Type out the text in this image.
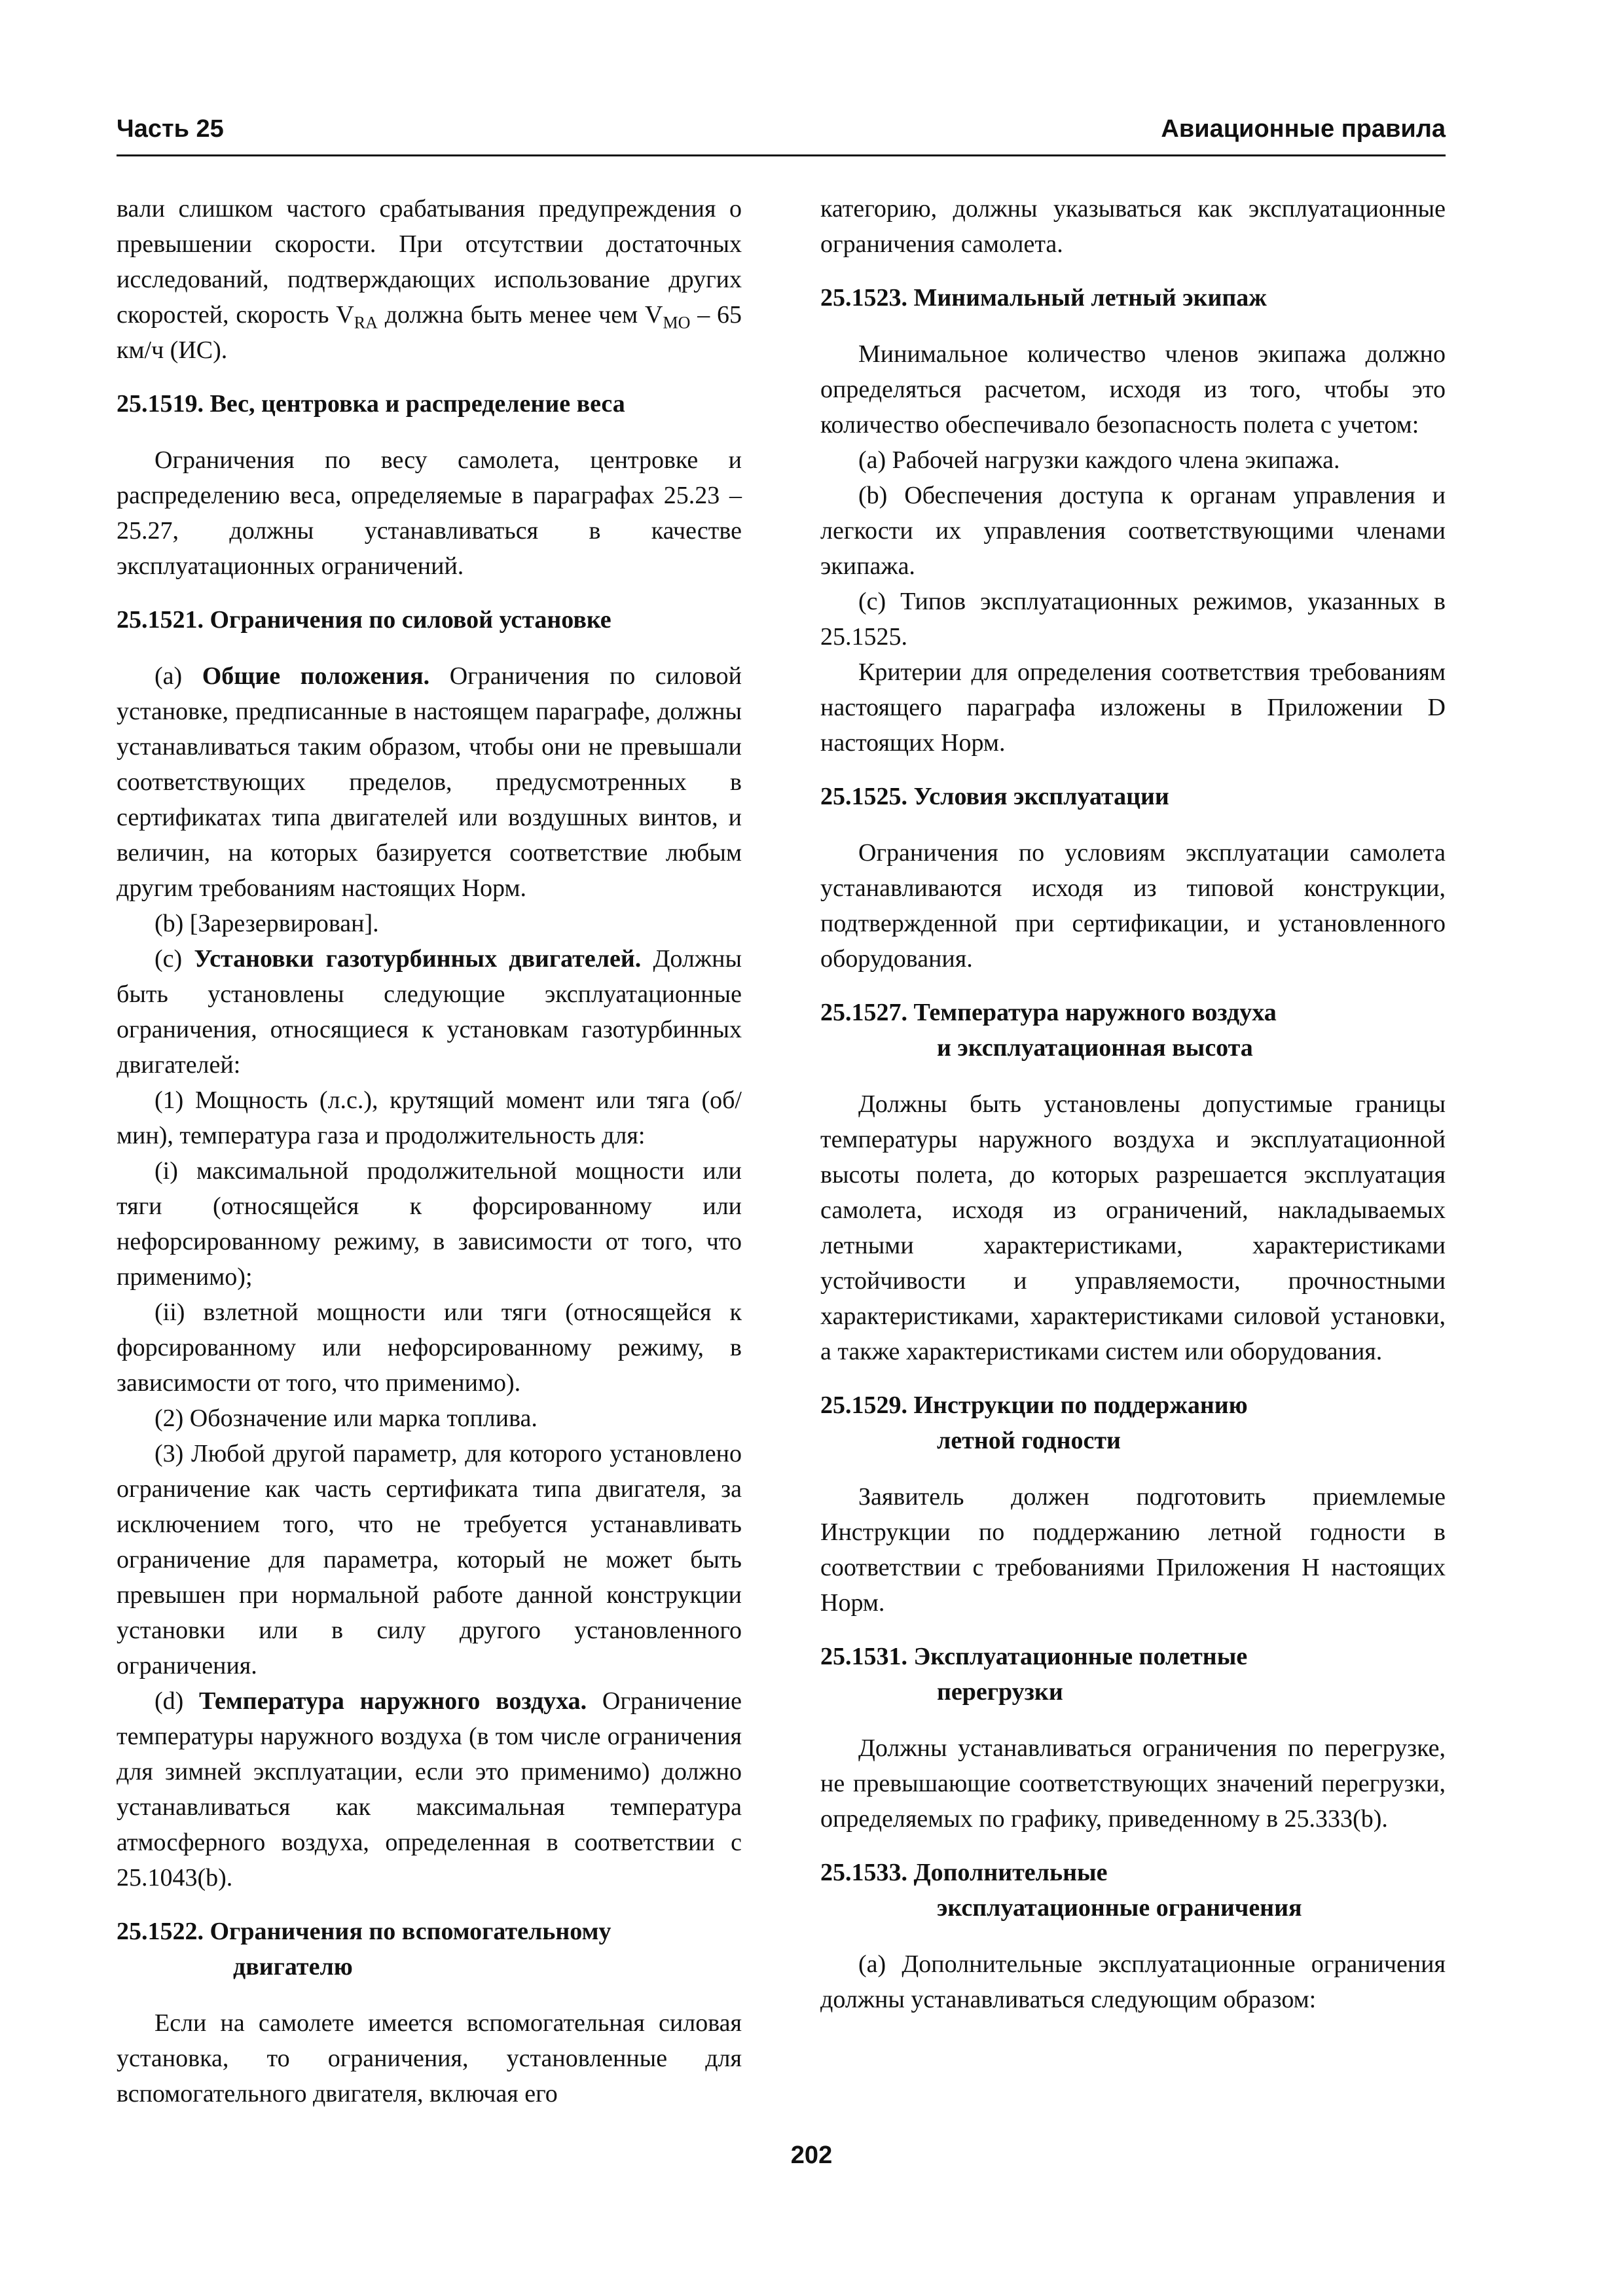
Часть 25	Авиационные правила

вали слишком частого срабатывания предупреждения о превышении скорости. При отсутствии достаточных исследований, подтверждающих использование других скоростей, скорость $V_{RA}$ должна быть менее чем $V_{MO} - 65$ км/ч (ИС).

25.1519. Вес, центровка и распределение веса

Ограничения по весу самолета, центровке и распределению веса, определяемые в параграфах 25.23 – 25.27, должны устанавливаться в качестве эксплуатационных ограничений.

25.1521. Ограничения по силовой установке

(a) Общие положения. Ограничения по силовой установке, предписанные в настоящем параграфе, должны устанавливаться таким образом, чтобы они не превышали соответствующих пределов, предусмотренных в сертификатах типа двигателей или воздушных винтов, и величин, на которых базируется соответствие любым другим требованиям настоящих Норм.

(b) [Зарезервирован].

(c) Установки газотурбинных двигателей. Должны быть установлены следующие эксплуатационные ограничения, относящиеся к установкам газотурбинных двигателей:

(1) Мощность (л.с.), крутящий момент или тяга (об/мин), температура газа и продолжительность для:

(i) максимальной продолжительной мощности или тяги (относящейся к форсированному или нефорсированному режиму, в зависимости от того, что применимо);

(ii) взлетной мощности или тяги (относящейся к форсированному или нефорсированному режиму, в зависимости от того, что применимо).

(2) Обозначение или марка топлива.

(3) Любой другой параметр, для которого установлено ограничение как часть сертификата типа двигателя, за исключением того, что не требуется устанавливать ограничение для параметра, который не может быть превышен при нормальной работе данной конструкции установки или в силу другого установленного ограничения.

(d) Температура наружного воздуха. Ограничение температуры наружного воздуха (в том числе ограничения для зимней эксплуатации, если это применимо) должно устанавливаться как максимальная температура атмосферного воздуха, определенная в соответствии с 25.1043(b).

25.1522. Ограничения по вспомогательному
двигателю

Если на самолете имеется вспомогательная силовая установка, то ограничения, установленные для вспомогательного двигателя, включая его

категорию, должны указываться как эксплуатационные ограничения самолета.

25.1523. Минимальный летный экипаж

Минимальное количество членов экипажа должно определяться расчетом, исходя из того, чтобы это количество обеспечивало безопасность полета с учетом:

(a) Рабочей нагрузки каждого члена экипажа.

(b) Обеспечения доступа к органам управления и легкости их управления соответствующими членами экипажа.

(c) Типов эксплуатационных режимов, указанных в 25.1525.

Критерии для определения соответствия требованиям настоящего параграфа изложены в Приложении D настоящих Норм.

25.1525. Условия эксплуатации

Ограничения по условиям эксплуатации самолета устанавливаются исходя из типовой конструкции, подтвержденной при сертификации, и установленного оборудования.

25.1527. Температура наружного воздуха
и эксплуатационная высота

Должны быть установлены допустимые границы температуры наружного воздуха и эксплуатационной высоты полета, до которых разрешается эксплуатация самолета, исходя из ограничений, накладываемых летными характеристиками, характеристиками устойчивости и управляемости, прочностными характеристиками, характеристиками силовой установки, а также характеристиками систем или оборудования.

25.1529. Инструкции по поддержанию
летной годности

Заявитель должен подготовить приемлемые Инструкции по поддержанию летной годности в соответствии с требованиями Приложения H настоящих Норм.

25.1531. Эксплуатационные полетные
перегрузки

Должны устанавливаться ограничения по перегрузке, не превышающие соответствующих значений перегрузки, определяемых по графику, приведенному в 25.333(b).

25.1533. Дополнительные
эксплуатационные ограничения

(a) Дополнительные эксплуатационные ограничения должны устанавливаться следующим образом:

202
